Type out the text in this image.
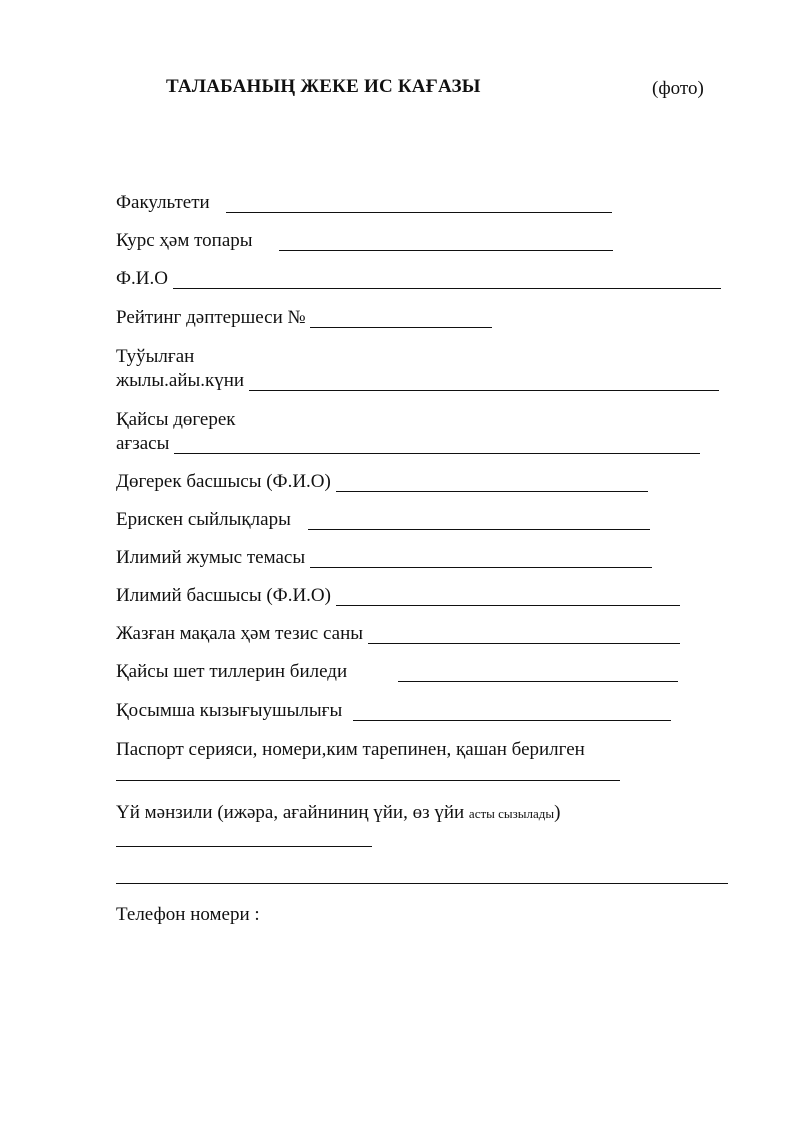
ТАЛАБАНЫҢ ЖЕКЕ ИС КАҒАЗЫ	(фото)
Факультети
Курс ҳәм топары
Ф.И.О
Рейтинг дәптершеси №
Туўылған
жылы.айы.күни
Қайсы дөгерек
ағзасы
Дөгерек басшысы (Ф.И.О)
Ерискен сыйлықлары
Илимий жумыс темасы
Илимий басшысы (Ф.И.О)
Жазған мақала ҳәм тезис саны
Қайсы шет тиллерин биледи
Қосымша кызығыушылығы
Паспорт серияси, номери,ким тарепинен, қашан берилген
Үй мәнзили (ижәра, ағайниниң үйи, өз үйи асты сызылады)
Телефон номери :
